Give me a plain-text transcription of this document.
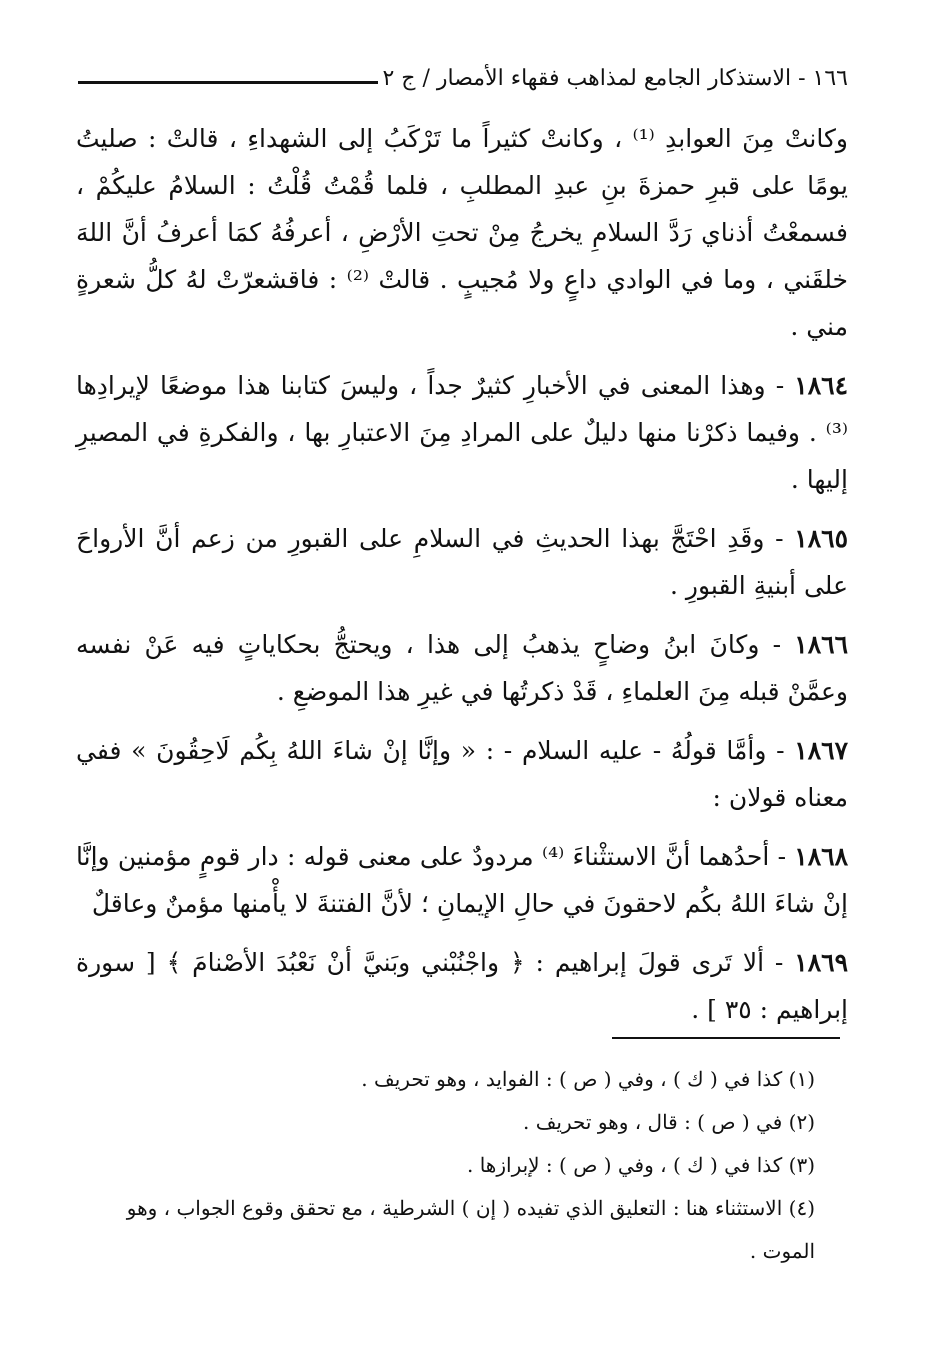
١٦٦ - الاستذكار الجامع لمذاهب فقهاء الأمصار / ج ٢

وكانتْ مِنَ العوابدِ ⁽¹⁾ ، وكانتْ كثيراً ما تَرْكَبُ إلى الشهداءِ ، قالتْ : صليتُ يومًا على قبرِ حمزةَ بنِ عبدِ المطلبِ ، فلما قُمْتُ قُلْتُ : السلامُ عليكُمْ ، فسمعْتُ أذناي رَدَّ السلامِ يخرجُ مِنْ تحتِ الأرْضِ ، أعرفُهُ كمَا أعرفُ أنَّ اللهَ خلقَني ، وما في الوادي داعٍ ولا مُجيبٍ . قالتْ ⁽²⁾ : فاقشعرّتْ لهُ كلُّ شعرةٍ مني .

١٨٦٤ - وهذا المعنى في الأخبارِ كثيرٌ جداً ، وليسَ كتابنا هذا موضعًا لإيرادِها ⁽³⁾ . وفيما ذكرْنا منها دليلٌ على المرادِ مِنَ الاعتبارِ بها ، والفكرةِ في المصيرِ إليها .

١٨٦٥ - وقَدِ احْتَجَّ بهذا الحديثِ في السلامِ على القبورِ من زعم أنَّ الأرواحَ على أبنيةِ القبورِ .

١٨٦٦ - وكانَ ابنُ وضاحٍ يذهبُ إلى هذا ، ويحتجُّ بحكاياتٍ فيه عَنْ نفسه وعمَّنْ قبله مِنَ العلماءِ ، قَدْ ذكرتُها في غيرِ هذا الموضعِ .

١٨٦٧ - وأمَّا قولُهُ - عليه السلام - : « وإنَّا إنْ شاءَ اللهُ بِكُم لَاحِقُونَ » ففي معناه قولان :

١٨٦٨ - أحدُهما أنَّ الاستثْناءَ ⁽⁴⁾ مردودٌ على معنى قوله : دار قومٍ مؤمنين وإنَّا إنْ شاءَ اللهُ بكُم لاحقونَ في حالِ الإيمانِ ؛ لأنَّ الفتنةَ لا يأْمنها مؤمنٌ وعاقلٌ

١٨٦٩ - ألا تَرى قولَ إبراهيم : ﴿ واجْنُبْني وبَنيَّ أنْ نَعْبُدَ الأصْنامَ ﴾ [ سورة إبراهيم : ٣٥ ] .

(١) كذا في ( ك ) ، وفي ( ص ) : الفوايد ، وهو تحريف .

(٢) في ( ص ) : قال ، وهو تحريف .

(٣) كذا في ( ك ) ، وفي ( ص ) : لإبرازها .

(٤) الاستثناء هنا : التعليق الذي تفيده ( إن ) الشرطية ، مع تحقق وقوع الجواب ، وهو الموت .
